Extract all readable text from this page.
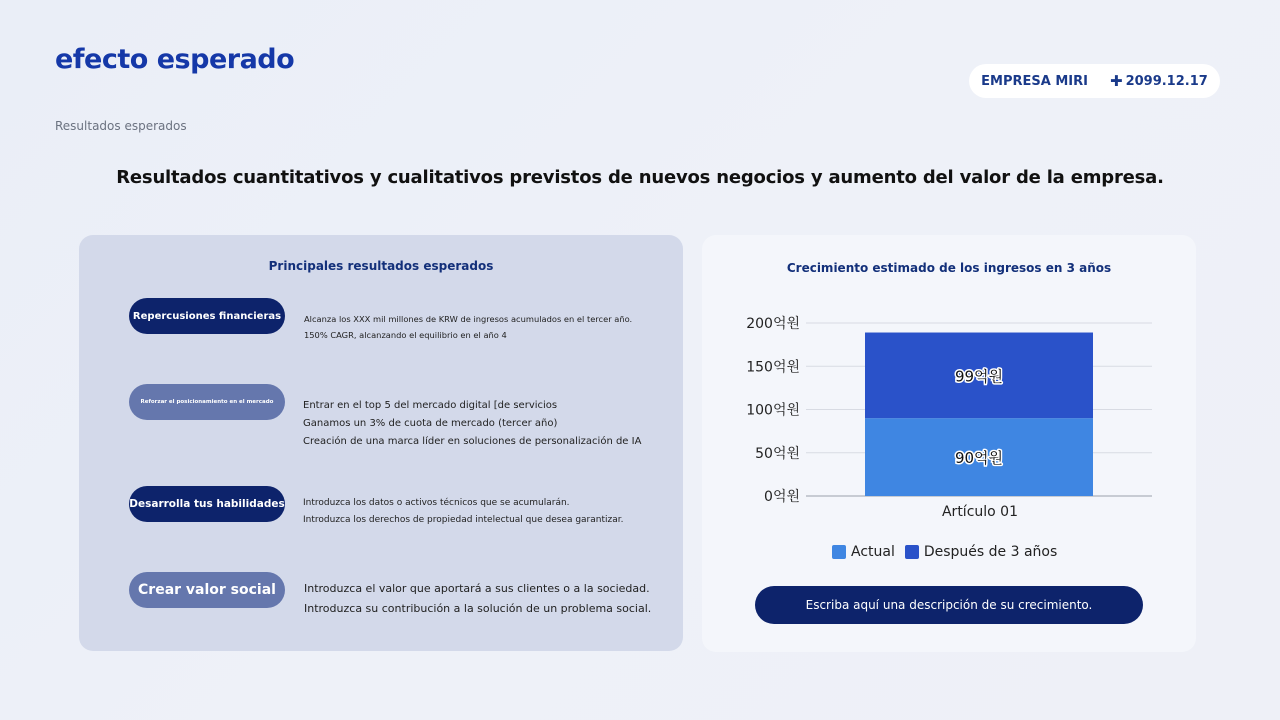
efecto esperado
Resultados esperados
EMPRESA MIRI ✚ 2099.12.17
Resultados cuantitativos y cualitativos previstos de nuevos negocios y aumento del valor de la empresa.
Principales resultados esperados
Repercusiones financieras	Alcanza los XXX mil millones de KRW de ingresos acumulados en el tercer año.
150% CAGR, alcanzando el equilibrio en el año 4
Reforzar el posicionamiento en el mercado	Entrar en el top 5 del mercado digital [de servicios
Ganamos un 3% de cuota de mercado (tercer año)
Creación de una marca líder en soluciones de personalización de IA
Desarrolla tus habilidades Introduzca los datos o activos técnicos que se acumularán.
Introduzca los derechos de propiedad intelectual que desea garantizar.
Crear valor social	Introduzca el valor que aportará a sus clientes o a la sociedad.
Introduzca su contribución a la solución de un problema social.
Crecimiento estimado de los ingresos en 3 años
0억원
50억원
100억원
150억원
200억원
90억원
99억원
Artículo 01
Actual Después de 3 años
Escriba aquí una descripción de su crecimiento.
